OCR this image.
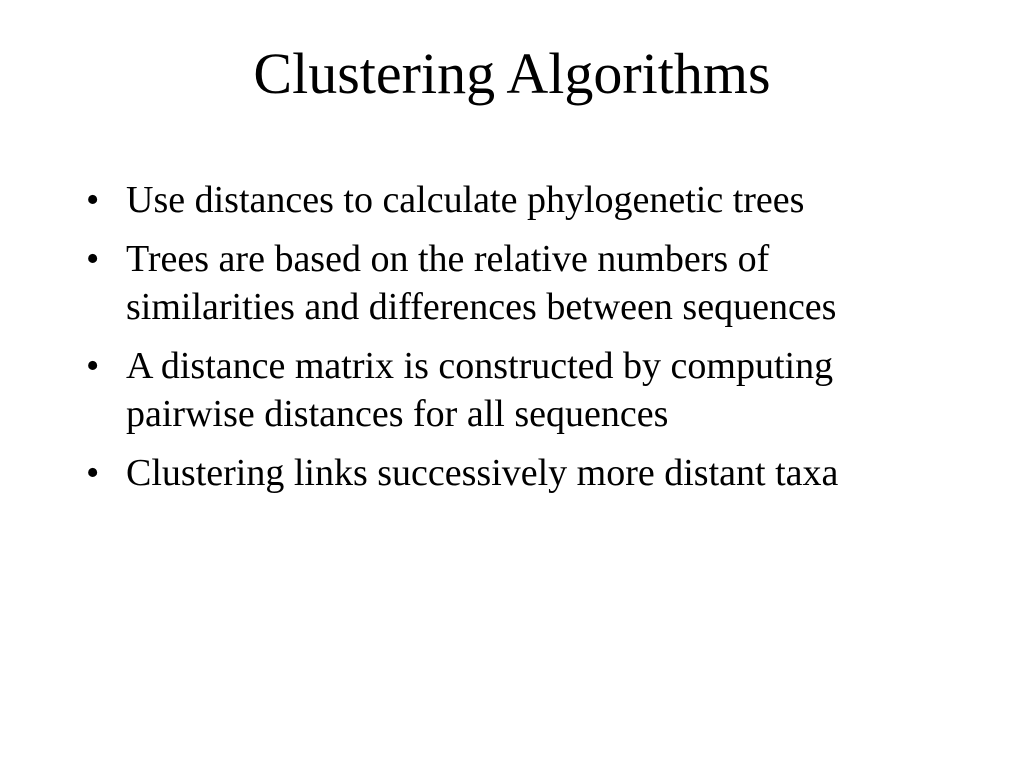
Clustering Algorithms
• Use distances to calculate phylogenetic trees
• Trees are based on the relative numbers of similarities and differences between sequences
• A distance matrix is constructed by computing pairwise distances for all sequences
• Clustering links successively more distant taxa
